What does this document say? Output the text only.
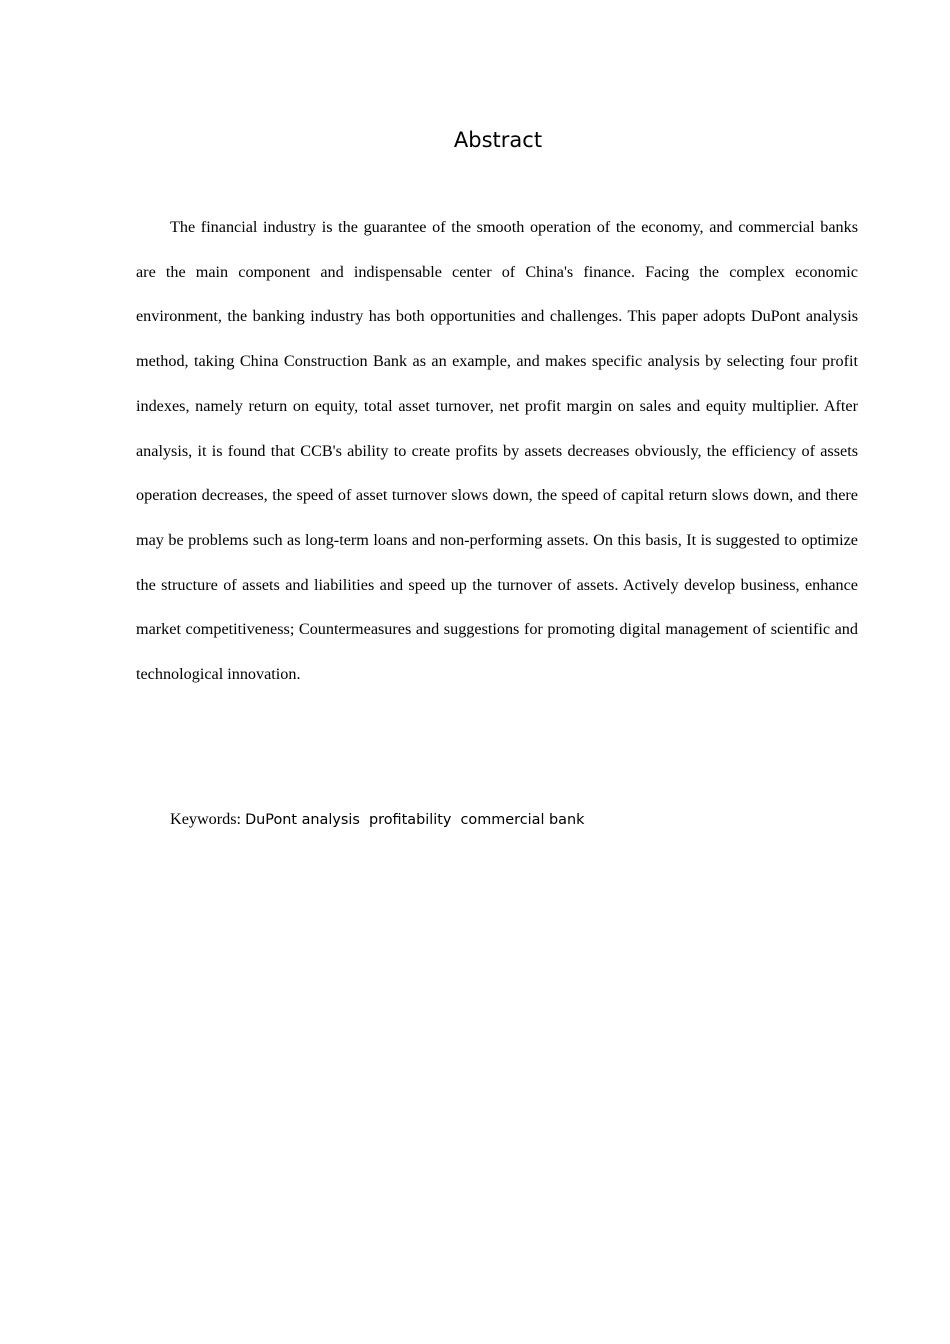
Abstract

The financial industry is the guarantee of the smooth operation of the economy, and commercial banks are the main component and indispensable center of China's finance. Facing the complex economic environment, the banking industry has both opportunities and challenges. This paper adopts DuPont analysis method, taking China Construction Bank as an example, and makes specific analysis by selecting four profit indexes, namely return on equity, total asset turnover, net profit margin on sales and equity multiplier. After analysis, it is found that CCB's ability to create profits by assets decreases obviously, the efficiency of assets operation decreases, the speed of asset turnover slows down, the speed of capital return slows down, and there may be problems such as long-term loans and non-performing assets. On this basis, It is suggested to optimize the structure of assets and liabilities and speed up the turnover of assets. Actively develop business, enhance market competitiveness; Countermeasures and suggestions for promoting digital management of scientific and technological innovation.

Keywords: DuPont analysis  profitability  commercial bank
